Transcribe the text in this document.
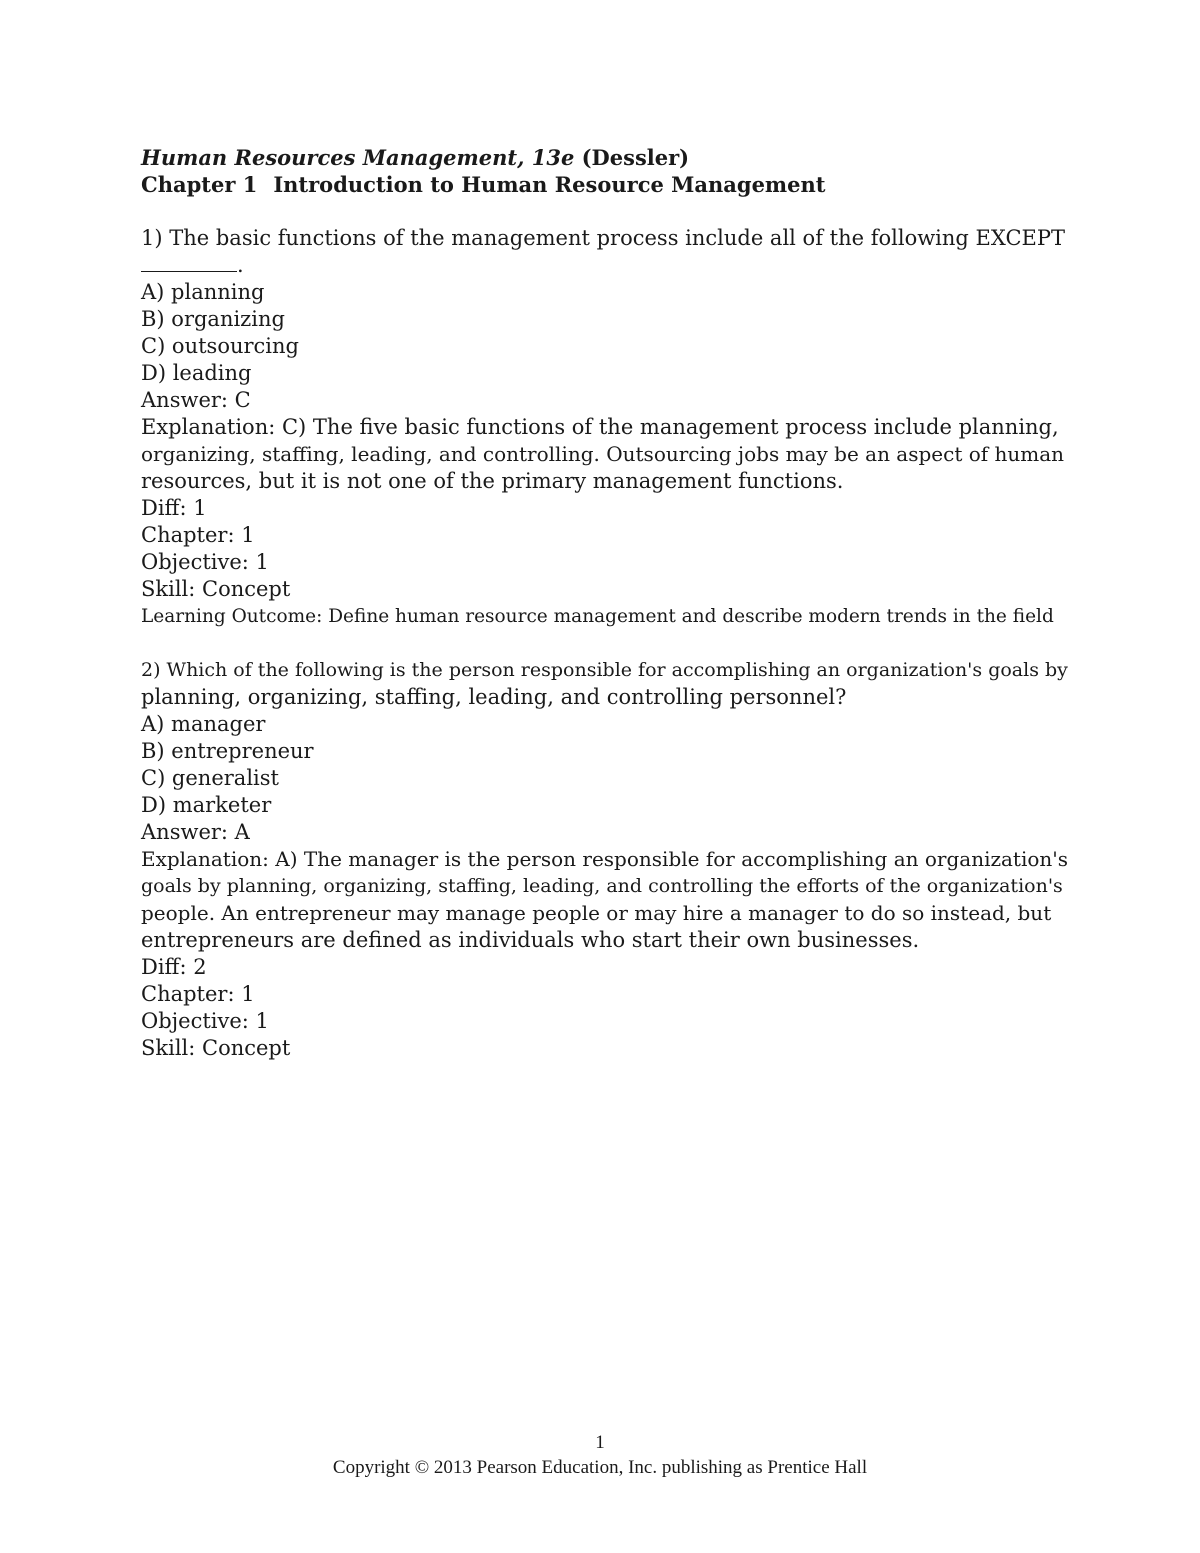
Human Resources Management, 13e (Dessler)
Chapter 1 Introduction to Human Resource Management
1) The basic functions of the management process include all of the following EXCEPT
.
A) planning
B) organizing
C) outsourcing
D) leading
Answer: C
Explanation: C) The five basic functions of the management process include planning,
organizing, staffing, leading, and controlling. Outsourcing jobs may be an aspect of human
resources, but it is not one of the primary management functions.
Diff: 1
Chapter: 1
Objective: 1
Skill: Concept
Learning Outcome: Define human resource management and describe modern trends in the field
2) Which of the following is the person responsible for accomplishing an organization's goals by
planning, organizing, staffing, leading, and controlling personnel?
A) manager
B) entrepreneur
C) generalist
D) marketer
Answer: A
Explanation: A) The manager is the person responsible for accomplishing an organization's
goals by planning, organizing, staffing, leading, and controlling the efforts of the organization's
people. An entrepreneur may manage people or may hire a manager to do so instead, but
entrepreneurs are defined as individuals who start their own businesses.
Diff: 2
Chapter: 1
Objective: 1
Skill: Concept
1
Copyright © 2013 Pearson Education, Inc. publishing as Prentice Hall
